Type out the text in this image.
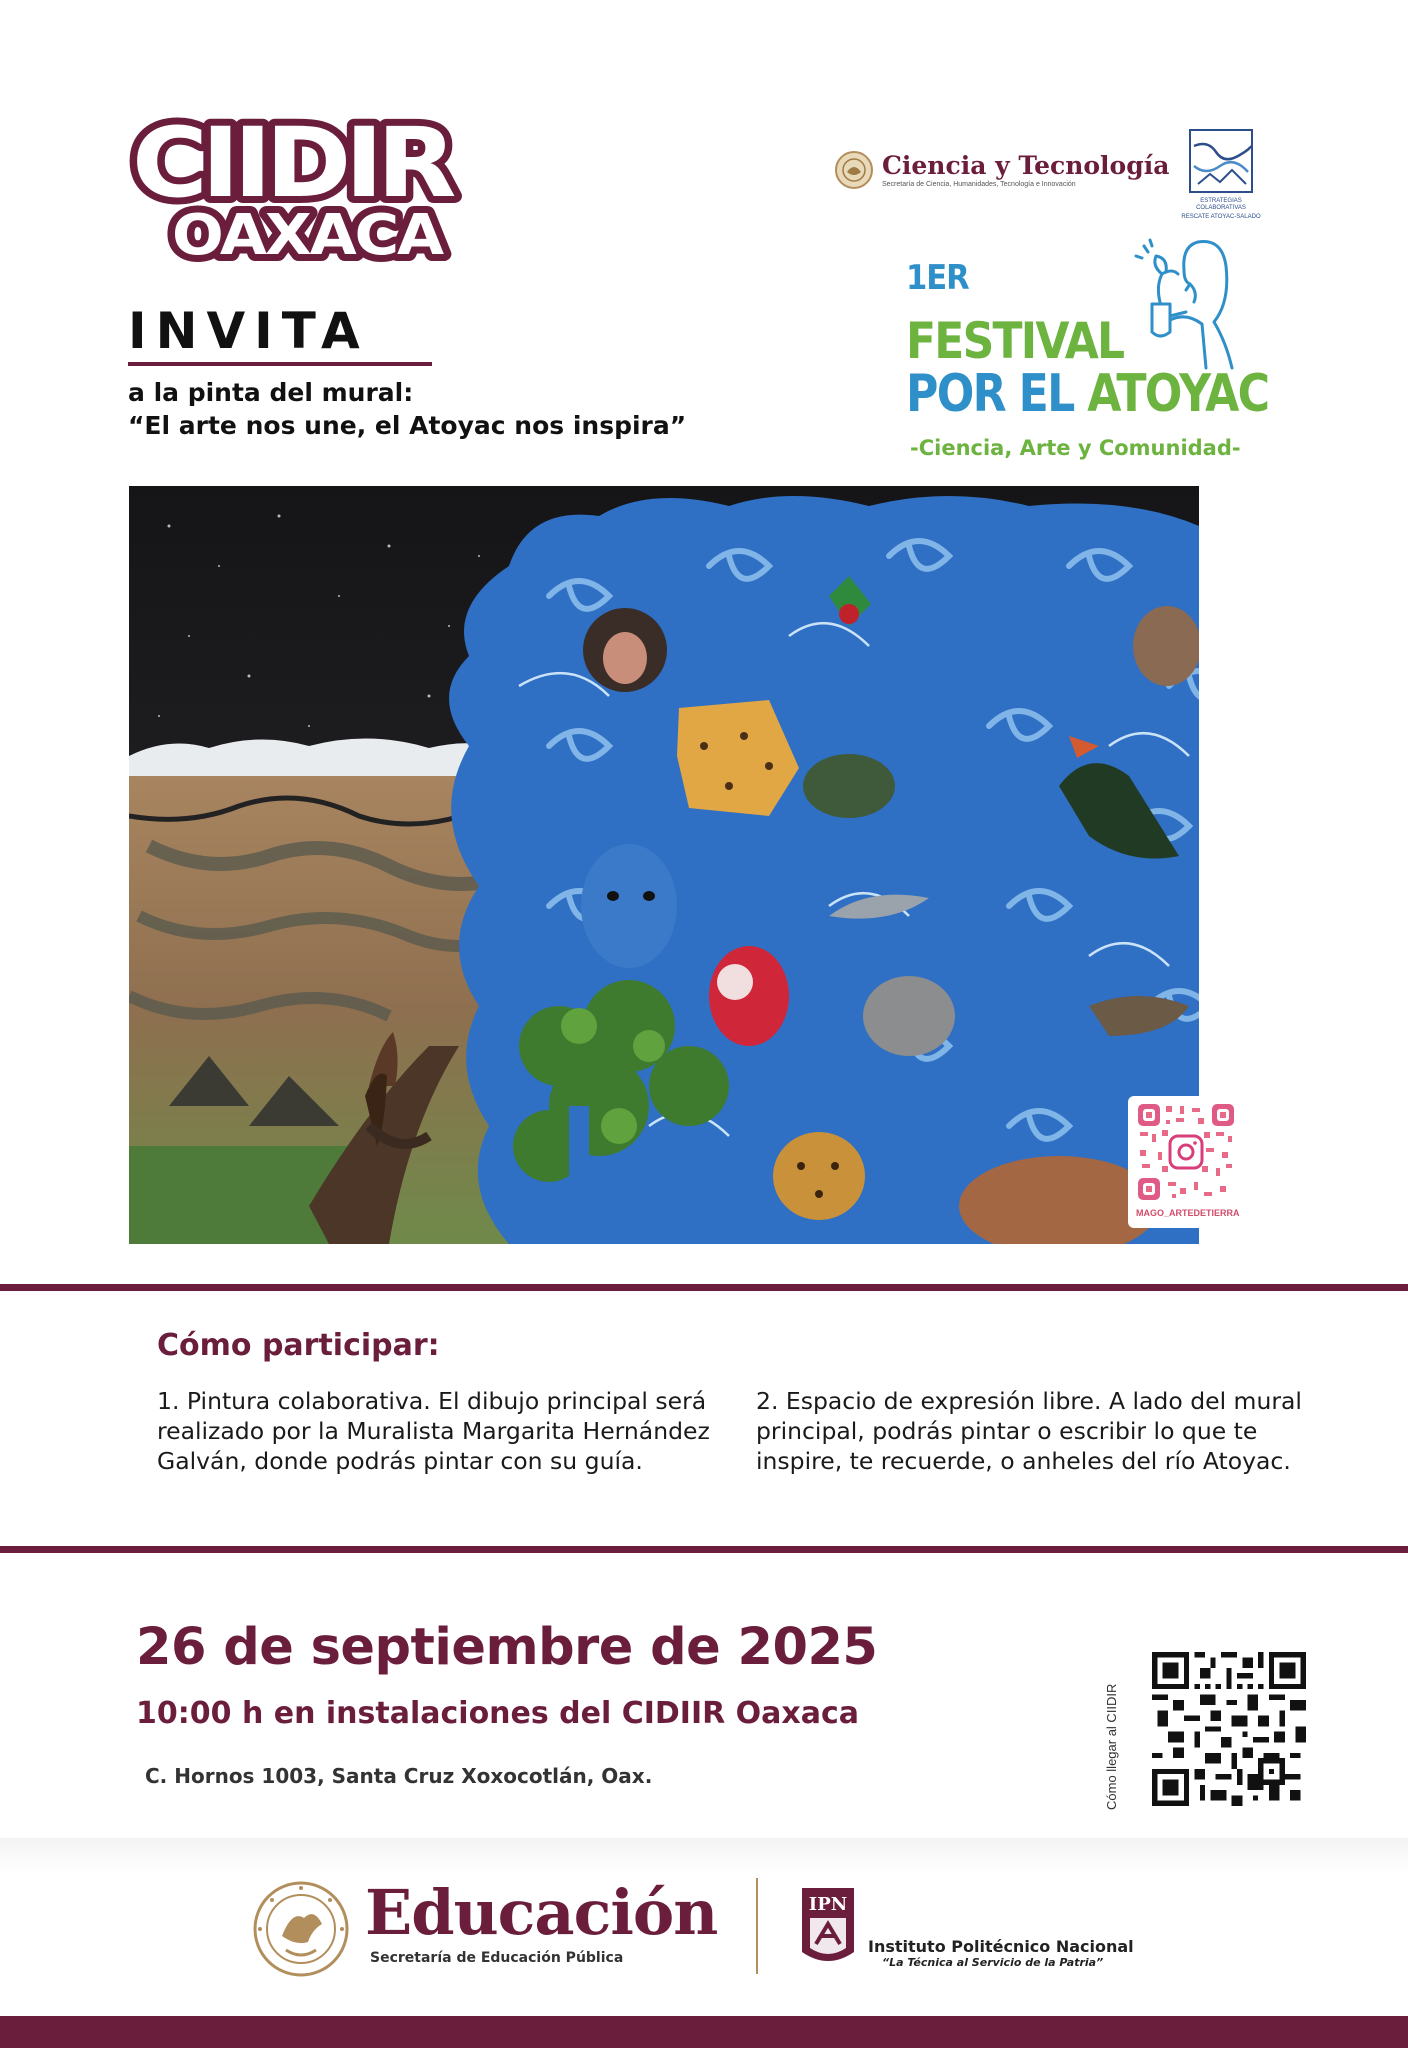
CIIDIR
OAXACA
INVITA
a la pinta del mural:
“El arte nos une, el Atoyac nos inspira”
Ciencia y Tecnología
Secretaría de Ciencia, Humanidades, Tecnología e Innovación
ESTRATEGIAS COLABORATIVAS
RESCATE ATOYAC-SALADO
1ER
FESTIVAL
POR EL ATOYAC
-Ciencia, Arte y Comunidad-
MAGO_ARTEDETIERRA
Cómo participar:
1. Pintura colaborativa. El dibujo principal será realizado por la Muralista Margarita Hernández Galván, donde podrás pintar con su guía.
2. Espacio de expresión libre. A lado del mural principal, podrás pintar o escribir lo que te inspire, te recuerde, o anheles del río Atoyac.
26 de septiembre de 2025
10:00 h en instalaciones del CIDIIR Oaxaca
C. Hornos 1003, Santa Cruz Xoxocotlán, Oax.	Cómo llegar al CIIDIR
Educación
Secretaría de Educación Pública
IPN
Instituto Politécnico Nacional
“La Técnica al Servicio de la Patria”
